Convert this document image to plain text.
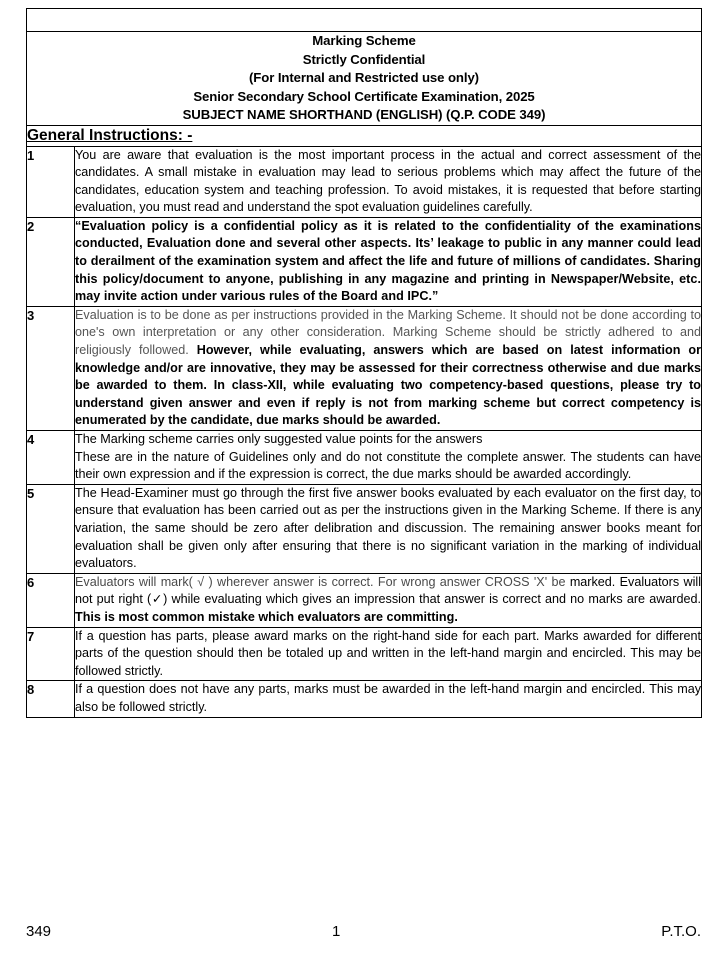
Marking Scheme
Strictly Confidential
(For Internal and Restricted use only)
Senior Secondary School Certificate Examination, 2025
SUBJECT NAME SHORTHAND (ENGLISH) (Q.P. CODE 349)	

General Instructions: -	
1	You are aware that evaluation is the most important process in the actual and correct assessment of the candidates. A small mistake in evaluation may lead to serious problems which may affect the future of the candidates, education system and teaching profession. To avoid mistakes, it is requested that before starting evaluation, you must read and understand the spot evaluation guidelines carefully.

2	“Evaluation policy is a confidential policy as it is related to the confidentiality of the examinations conducted, Evaluation done and several other aspects. Its’ leakage to public in any manner could lead to derailment of the examination system and affect the life and future of millions of candidates. Sharing this policy/document to anyone, publishing in any magazine and printing in Newspaper/Website, etc. may invite action under various rules of the Board and IPC.”

3	Evaluation is to be done as per instructions provided in the Marking Scheme. It should not be done according to one's own interpretation or any other consideration. Marking Scheme should be strictly adhered to and religiously followed. However, while evaluating, answers which are based on latest information or knowledge and/or are innovative, they may be assessed for their correctness otherwise and due marks be awarded to them. In class-XII, while evaluating two competency-based questions, please try to understand given answer and even if reply is not from marking scheme but correct competency is enumerated by the candidate, due marks should be awarded.

4	The Marking scheme carries only suggested value points for the answers

These are in the nature of Guidelines only and do not constitute the complete answer. The students can have their own expression and if the expression is correct, the due marks should be awarded accordingly.

5	The Head-Examiner must go through the first five answer books evaluated by each evaluator on the first day, to ensure that evaluation has been carried out as per the instructions given in the Marking Scheme. If there is any variation, the same should be zero after delibration and discussion. The remaining answer books meant for evaluation shall be given only after ensuring that there is no significant variation in the marking of individual evaluators.

6	Evaluators will mark( √ ) wherever answer is correct. For wrong answer CROSS 'X' be marked. Evaluators will not put right (✓) while evaluating which gives an impression that answer is correct and no marks are awarded. This is most common mistake which evaluators are committing.

7	If a question has parts, please award marks on the right-hand side for each part. Marks awarded for different parts of the question should then be totaled up and written in the left-hand margin and encircled. This may be followed strictly.

8	If a question does not have any parts, marks must be awarded in the left-hand margin and encircled. This may also be followed strictly.

349	1	P.T.O.
